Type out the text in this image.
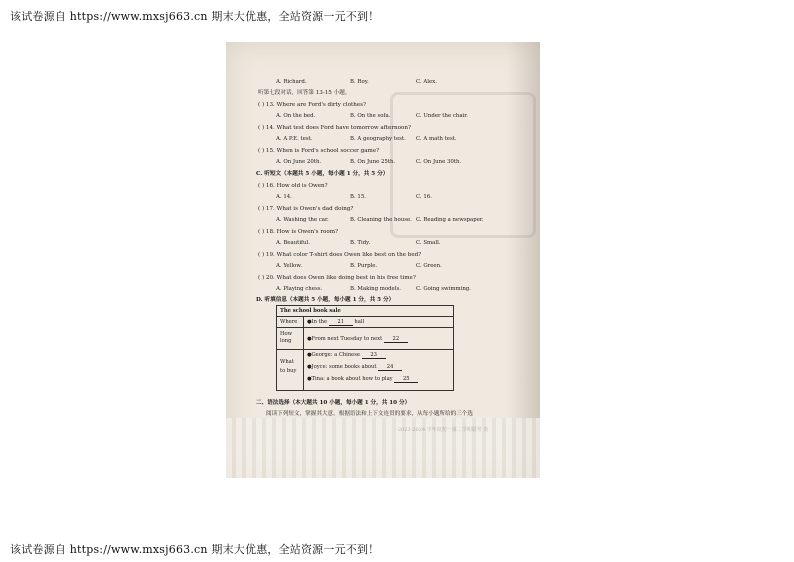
该试卷源自 https://www.mxsj663.cn 期末大优惠，全站资源一元不到！
A. Richard.	B. Roy.	C. Alex.
听第七段对话，回答第 13-15 小题。
( ) 13. Where are Ford's dirty clothes?
A. On the bed.	B. On the sofa.	C. Under the chair.
( ) 14. What test does Ford have tomorrow afternoon?
A. A P.E. test.	B. A geography test. C. A math test.
( ) 15. When is Ford's school soccer game?
A. On June 20th.	B. On June 25th.	C. On June 30th.
C. 听短文（本题共 5 小题，每小题 1 分，共 5 分）
( ) 16. How old is Owen?
A. 14.	B. 15.	C. 16.
( ) 17. What is Owen's dad doing?
A. Washing the car.	B. Cleaning the house. C. Reading a newspaper.
( ) 18. How is Owen's room?
A. Beautiful.	B. Tidy.	C. Small.
( ) 19. What color T-shirt does Owen like best on the bed?
A. Yellow.	B. Purple.	C. Green.
( ) 20. What does Owen like doing best in his free time?
A. Playing chess.	B. Making models.	C. Going swimming.
D. 听填信息（本题共 5 小题，每小题 1 分，共 5 分）
The school book sale
Where ●In the 21 hall
How long	●From next Tuesday to next 22
What to buy
●George: a Chinese 23
●Joyce: some books about 24
●Tina: a book about how to play 25
二、语法选择（本大题共 10 小题，每小题 1 分，共 10 分）
阅读下列短文，掌握其大意，根据语法和上下文连贯的要求，从每小题所给的三个选
该试卷源自 https://www.mxsj663.cn 期末大优惠，全站资源一元不到！
